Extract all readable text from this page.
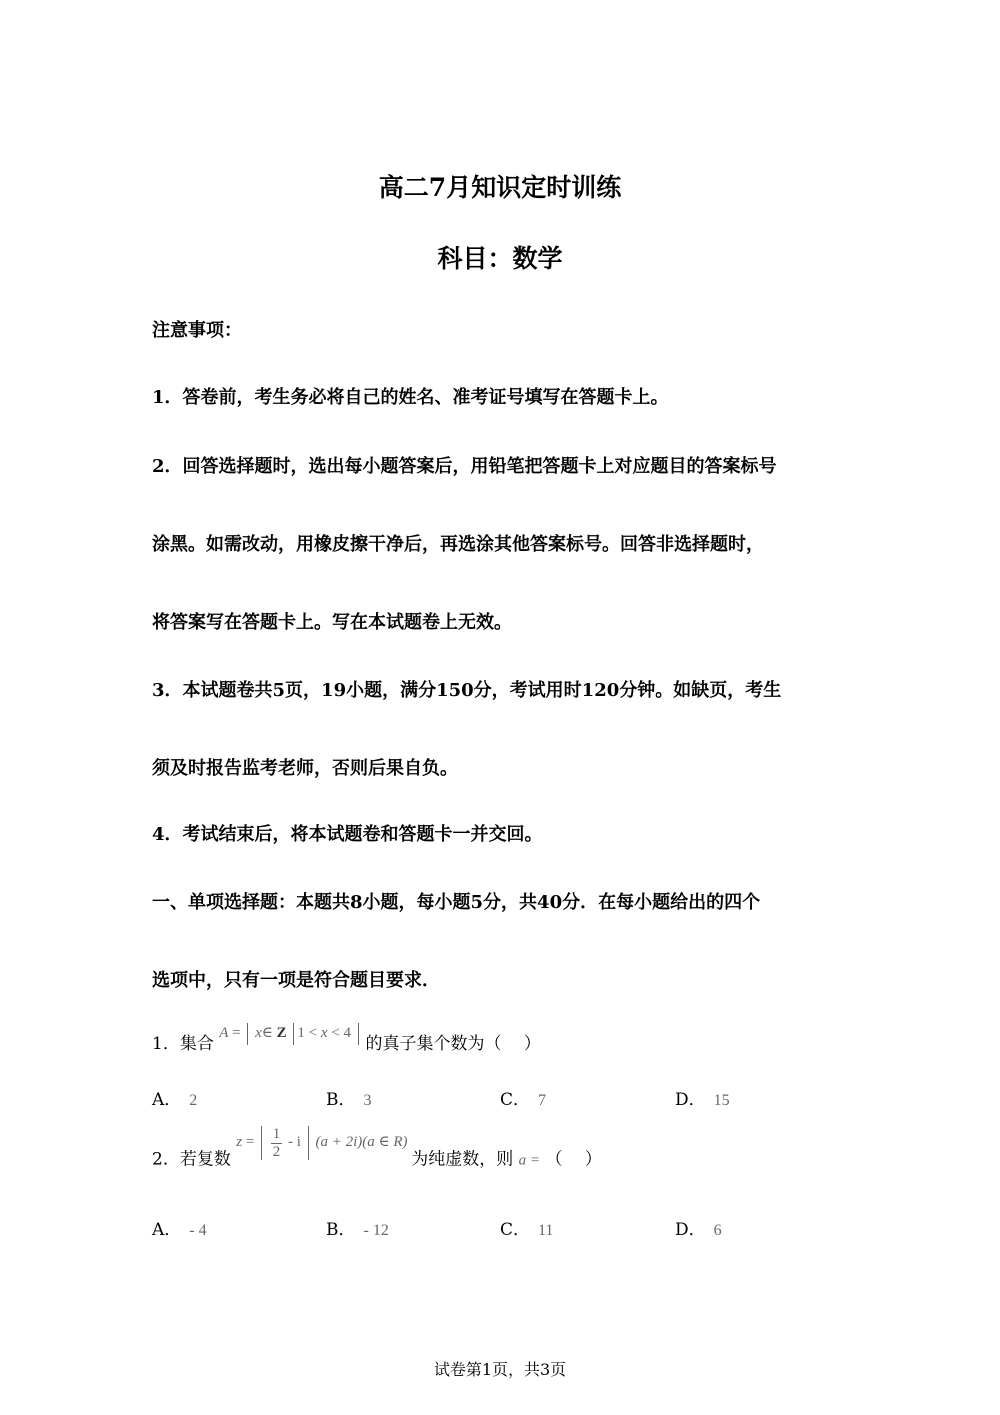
高二7月知识定时训练
科目：数学
注意事项：
1．答卷前，考生务必将自己的姓名、准考证号填写在答题卡上。
2．回答选择题时，选出每小题答案后，用铅笔把答题卡上对应题目的答案标号
涂黑。如需改动，用橡皮擦干净后，再选涂其他答案标号。回答非选择题时，
将答案写在答题卡上。写在本试题卷上无效。
3．本试题卷共5页，19小题，满分150分，考试用时120分钟。如缺页，考生
须及时报告监考老师，否则后果自负。
4．考试结束后，将本试题卷和答题卡一并交回。
一、单项选择题：本题共8小题，每小题5分，共40分．在每小题给出的四个
选项中，只有一项是符合题目要求．
1．集合 A = x∈ Z 1 < x < 4  的真子集个数为（　 ）
A． 2	B． 3	C． 7	D． 15
2．若复数 $z = \frac{1}{2} - i$ (a + 2i)(a ∈ R) 为纯虚数，则 a = （　 ）
A． - 4	B． - 12	C． 11	D． 6
试卷第1页，共3页
